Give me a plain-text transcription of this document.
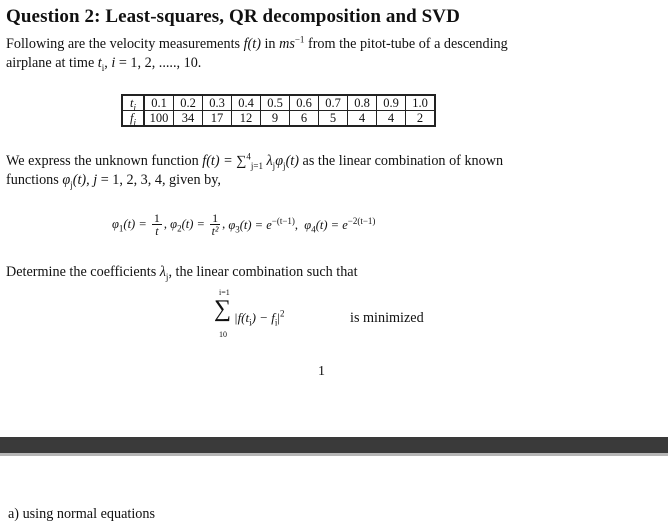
Question 2: Least-squares, QR decomposition and SVD
Following are the velocity measurements f(t) in $ms^{-1}$ from the pitot-tube of a descending
airplane at time $t_i$, i = 1, 2, ....., 10.
$t_i$	0.1	0.2	0.3	0.4	0.5	0.6	0.7	0.8	0.9	1.0
$f_i$	100	34	17	12	9	6	5	4	4	2
We express the unknown function f(t) = ∑$^4_{j=1}$ $\lambda_j\varphi_j(t)$ as the linear combination of known
functions $\varphi_j(t)$, j = 1, 2, 3, 4, given by,
$\varphi_1(t) = \frac{1}{t}$ , $\varphi_2(t) = \frac{1}{\text{t²}}$ , $\varphi_3(t) = e^{-(t-1)}$, $\varphi_4(t) = e^{-2(t-1)}$
Determine the coefficients $\lambda_j$, the linear combination such that
i=1
∑
10
$|f(t_i) - f_i|^2$	is minimized
1
a) using normal equations
